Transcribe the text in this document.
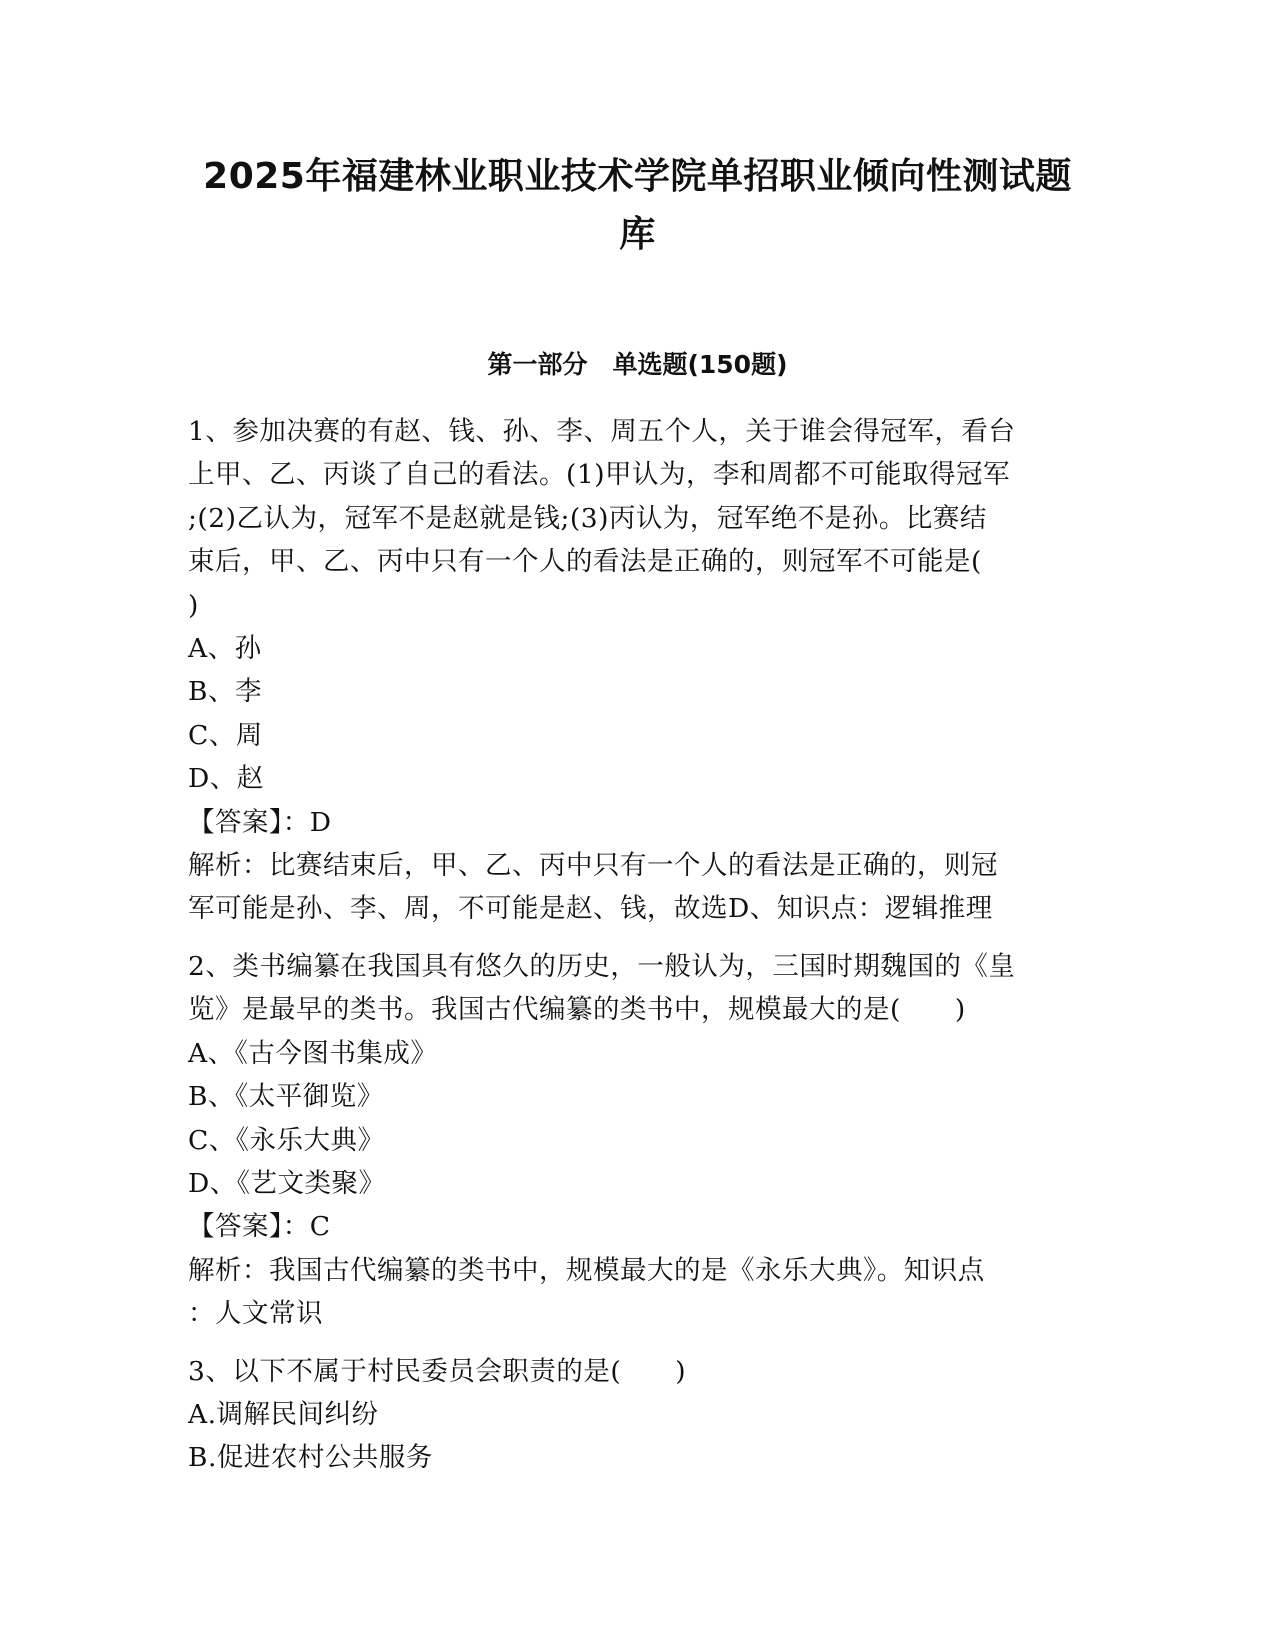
2025年福建林业职业技术学院单招职业倾向性测试题
库
第一部分　单选题(150题)
1、参加决赛的有赵、钱、孙、李、周五个人，关于谁会得冠军，看台
上甲、乙、丙谈了自己的看法。(1)甲认为，李和周都不可能取得冠军
;(2)乙认为，冠军不是赵就是钱;(3)丙认为，冠军绝不是孙。比赛结
束后，甲、乙、丙中只有一个人的看法是正确的，则冠军不可能是(
)
A、孙
B、李
C、周
D、赵
【答案】：D
解析：比赛结束后，甲、乙、丙中只有一个人的看法是正确的，则冠
军可能是孙、李、周，不可能是赵、钱，故选D、知识点：逻辑推理
2、类书编纂在我国具有悠久的历史，一般认为，三国时期魏国的《皇
览》是最早的类书。我国古代编纂的类书中，规模最大的是(　　)
A、《古今图书集成》
B、《太平御览》
C、《永乐大典》
D、《艺文类聚》
【答案】：C
解析：我国古代编纂的类书中，规模最大的是《永乐大典》。知识点
：人文常识
3、以下不属于村民委员会职责的是(　　)
A.调解民间纠纷
B.促进农村公共服务
